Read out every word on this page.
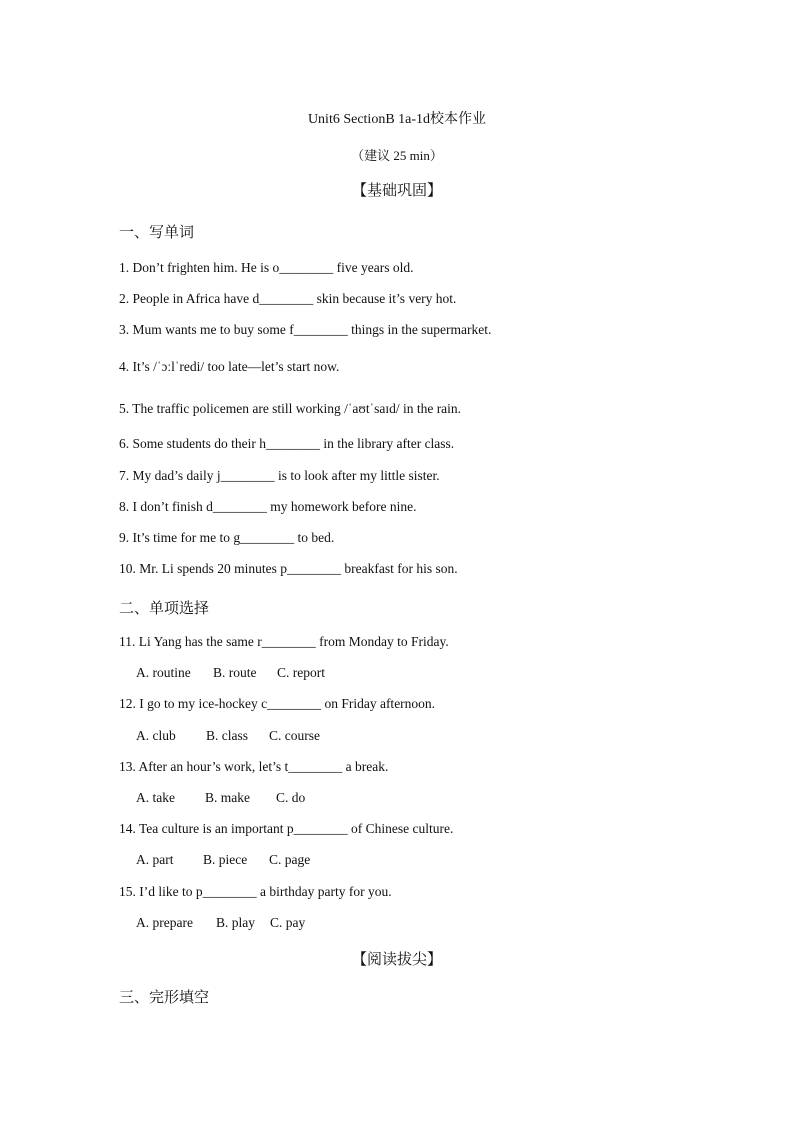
Unit6 SectionB 1a-1d校本作业
（建议 25 min）
【基础巩固】
一、写单词
1. Don’t frighten him. He is o________ five years old.
2. People in Africa have d________ skin because it’s very hot.
3. Mum wants me to buy some f________ things in the supermarket.
4. It’s /ˈɔːlˈredi/ too late—let’s start now.
5. The traffic policemen are still working /ˈaʊtˈsaɪd/ in the rain.
6. Some students do their h________ in the library after class.
7. My dad’s daily j________ is to look after my little sister.
8. I don’t finish d________ my homework before nine.
9. It’s time for me to g________ to bed.
10. Mr. Li spends 20 minutes p________ breakfast for his son.
二、单项选择
11. Li Yang has the same r________ from Monday to Friday.
A. routine B. route C. report
12. I go to my ice-hockey c________ on Friday afternoon.
A. club B. class C. course
13. After an hour’s work, let’s t________ a break.
A. take B. make C. do
14. Tea culture is an important p________ of Chinese culture.
A. part B. piece C. page
15. I’d like to p________ a birthday party for you.
A. prepare B. play C. pay
【阅读拔尖】
三、完形填空
